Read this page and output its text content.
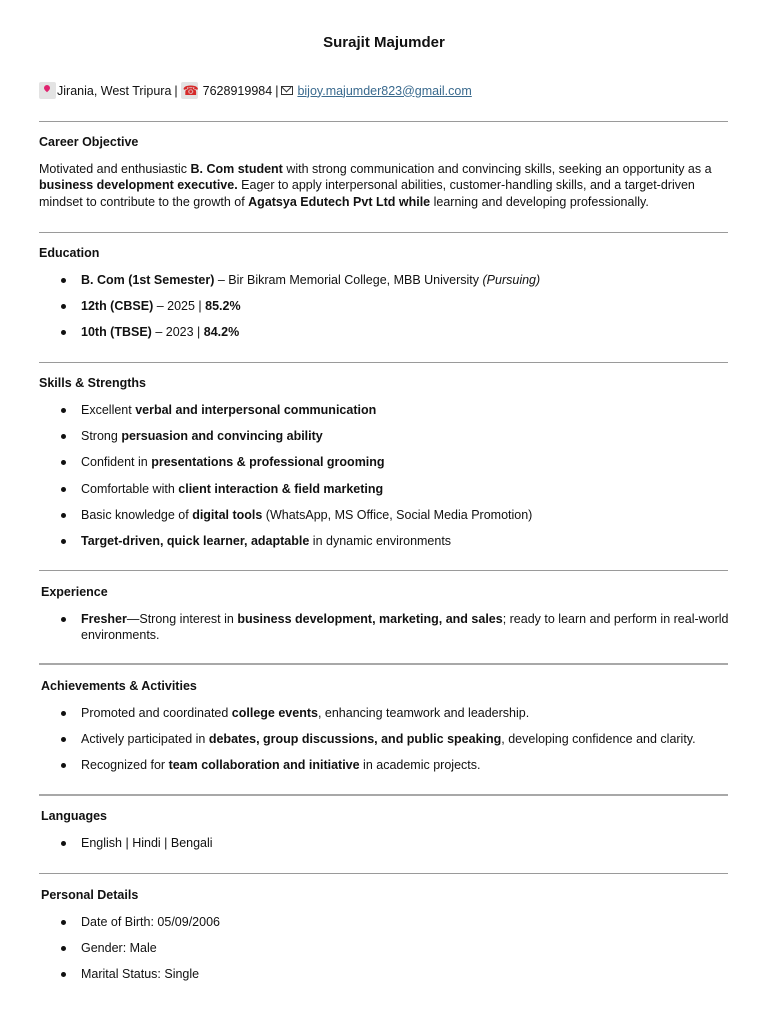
Surajit Majumder
Jirania, West Tripura |
☎ 7628919984 | bijoy.majumder823@gmail.com
Career Objective
Motivated and enthusiastic B. Com student with strong communication and convincing skills, seeking an opportunity as a business development executive. Eager to apply interpersonal abilities, customer-handling skills, and a target-driven mindset to contribute to the growth of Agatsya Edutech Pvt Ltd while learning and developing professionally.
Education
B. Com (1st Semester) – Bir Bikram Memorial College, MBB University (Pursuing)
12th (CBSE) – 2025 | 85.2%
10th (TBSE) – 2023 | 84.2%
Skills & Strengths
Excellent verbal and interpersonal communication
Strong persuasion and convincing ability
Confident in presentations & professional grooming
Comfortable with client interaction & field marketing
Basic knowledge of digital tools (WhatsApp, MS Office, Social Media Promotion)
Target-driven, quick learner, adaptable in dynamic environments
Experience
Fresher—Strong interest in business development, marketing, and sales; ready to learn and perform in real-world environments.
Achievements & Activities
Promoted and coordinated college events, enhancing teamwork and leadership.
Actively participated in debates, group discussions, and public speaking, developing confidence and clarity.
Recognized for team collaboration and initiative in academic projects.
Languages
English | Hindi | Bengali
Personal Details
Date of Birth: 05/09/2006
Gender: Male
Marital Status: Single
